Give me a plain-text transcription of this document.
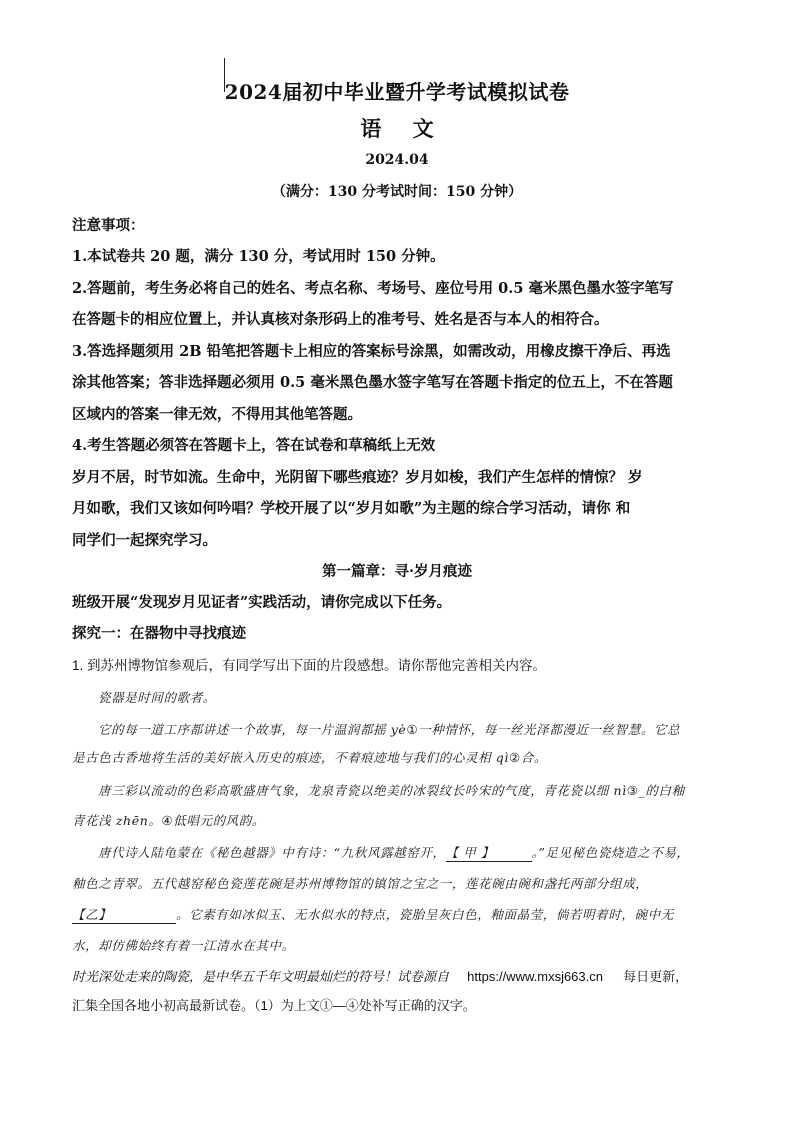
2024届初中毕业暨升学考试模拟试卷
语 文
2024.04
（满分：130 分考试时间：150 分钟）
注意事项：
1.本试卷共 20 题，满分 130 分，考试用时 150 分钟。
2.答题前，考生务必将自己的姓名、考点名称、考场号、座位号用 0.5 毫米黑色墨水签字笔写
在答题卡的相应位置上，并认真核对条形码上的准考号、姓名是否与本人的相符合。
3.答选择题须用 2B 铅笔把答题卡上相应的答案标号涂黑，如需改动，用橡皮擦干净后、再选
涂其他答案；答非选择题必须用 0.5 毫米黑色墨水签字笔写在答题卡指定的位五上，不在答题
区域内的答案一律无效，不得用其他笔答题。
4.考生答题必须答在答题卡上，答在试卷和草稿纸上无效
岁月不居，时节如流。生命中，光阴留下哪些痕迹？岁月如梭，我们产生怎样的情惊？ 岁
月如歌，我们又该如何吟唱？学校开展了以“岁月如歌”为主题的综合学习活动，请你 和
同学们一起探究学习。
第一篇章：寻·岁月痕迹
班级开展“发现岁月见证者”实践活动，请你完成以下任务。
探究一：在器物中寻找痕迹
1. 到苏州博物馆参观后，有同学写出下面的片段感想。请你帮他完善相关内容。
瓷器是时间的歌者。
它的每一道工序都讲述一个故事，每一片温润都摇 yè①一种情怀，每一丝光泽都漫近一丝智慧。它总
是古色古香地将生活的美好嵌入历史的痕迹，不着痕迹地与我们的心灵相 qì②合。
唐三彩以流动的色彩高歌盛唐气象，龙泉青瓷以绝美的冰裂纹长吟宋的气度，青花瓷以细 nì③_的白釉
青花浅 zhēn。④低唱元的风韵。
唐代诗人陆龟蒙在《秘色越器》中有诗：“九秋风露越窑开，【 甲 】	。”足见秘色瓷烧造之不易，
釉色之青翠。五代越窑秘色瓷莲花碗是苏州博物馆的镇馆之宝之一，莲花碗由碗和盏托两部分组成，
【乙】	。它素有如冰似玉、无水似水的特点，瓷胎呈灰白色，釉面晶莹，倘若明着时，碗中无
水，却仿佛始终有着一江清水在其中。
时光深处走来的陶瓷，是中华五千年文明最灿烂的符号！试卷源自 https://www.mxsj663.cn 每日更新，
汇集全国各地小初高最新试卷。（1）为上文①—④处补写正确的汉字。
